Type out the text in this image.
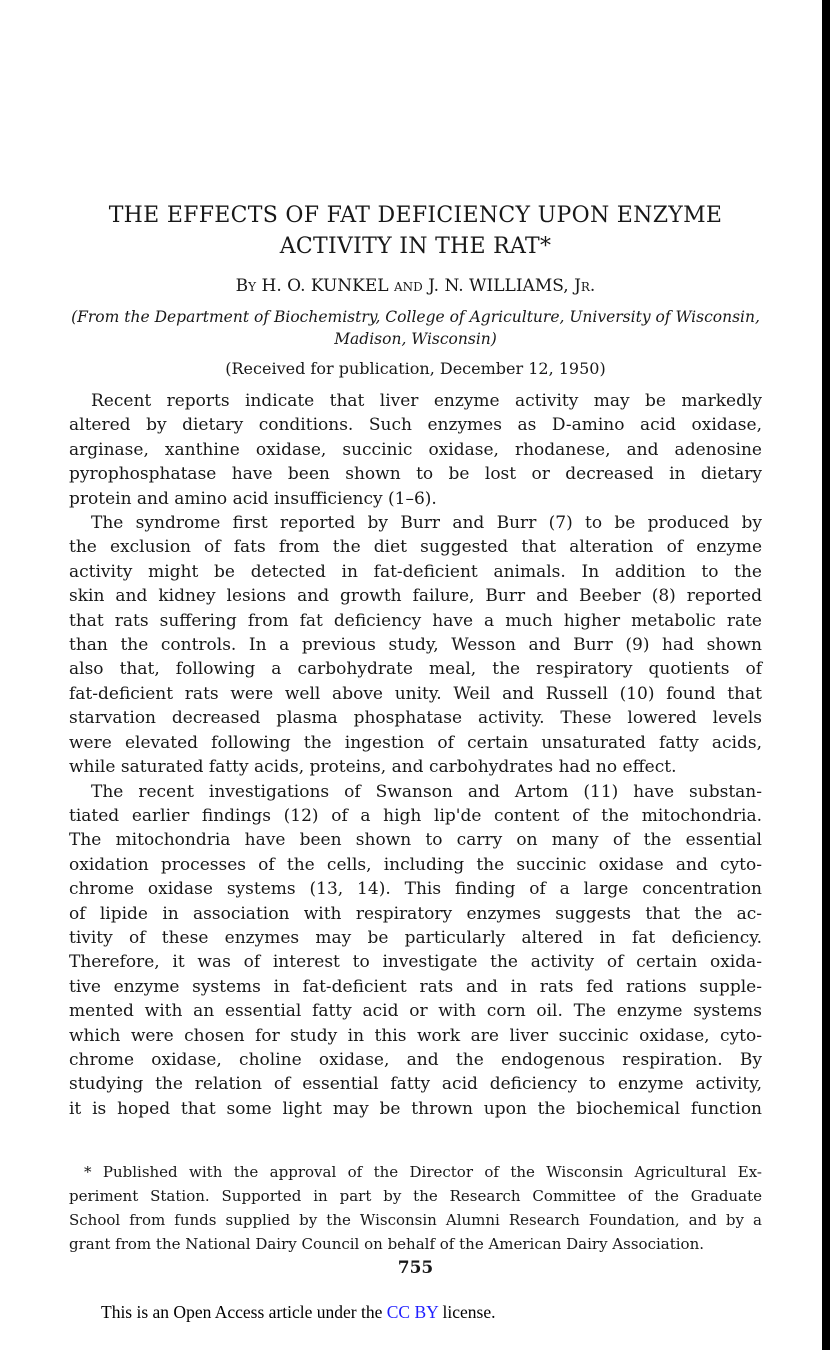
THE EFFECTS OF FAT DEFICIENCY UPON ENZYME
ACTIVITY IN THE RAT*
By H. O. KUNKEL and J. N. WILLIAMS, Jr.
(From the Department of Biochemistry, College of Agriculture, University of Wisconsin,
Madison, Wisconsin)
(Received for publication, December 12, 1950)
Recent reports indicate that liver enzyme activity may be markedly
altered by dietary conditions. Such enzymes as D-amino acid oxidase,
arginase, xanthine oxidase, succinic oxidase, rhodanese, and adenosine
pyrophosphatase have been shown to be lost or decreased in dietary
protein and amino acid insufficiency (1–6).
The syndrome first reported by Burr and Burr (7) to be produced by
the exclusion of fats from the diet suggested that alteration of enzyme
activity might be detected in fat-deficient animals. In addition to the
skin and kidney lesions and growth failure, Burr and Beeber (8) reported
that rats suffering from fat deficiency have a much higher metabolic rate
than the controls. In a previous study, Wesson and Burr (9) had shown
also that, following a carbohydrate meal, the respiratory quotients of
fat-deficient rats were well above unity. Weil and Russell (10) found that
starvation decreased plasma phosphatase activity. These lowered levels
were elevated following the ingestion of certain unsaturated fatty acids,
while saturated fatty acids, proteins, and carbohydrates had no effect.
The recent investigations of Swanson and Artom (11) have substan-
tiated earlier findings (12) of a high lip'de content of the mitochondria.
The mitochondria have been shown to carry on many of the essential
oxidation processes of the cells, including the succinic oxidase and cyto-
chrome oxidase systems (13, 14). This finding of a large concentration
of lipide in association with respiratory enzymes suggests that the ac-
tivity of these enzymes may be particularly altered in fat deficiency.
Therefore, it was of interest to investigate the activity of certain oxida-
tive enzyme systems in fat-deficient rats and in rats fed rations supple-
mented with an essential fatty acid or with corn oil. The enzyme systems
which were chosen for study in this work are liver succinic oxidase, cyto-
chrome oxidase, choline oxidase, and the endogenous respiration. By
studying the relation of essential fatty acid deficiency to enzyme activity,
it is hoped that some light may be thrown upon the biochemical function
* Published with the approval of the Director of the Wisconsin Agricultural Ex-
periment Station. Supported in part by the Research Committee of the Graduate
School from funds supplied by the Wisconsin Alumni Research Foundation, and by a
grant from the National Dairy Council on behalf of the American Dairy Association.
755
This is an Open Access article under the CC BY license.
